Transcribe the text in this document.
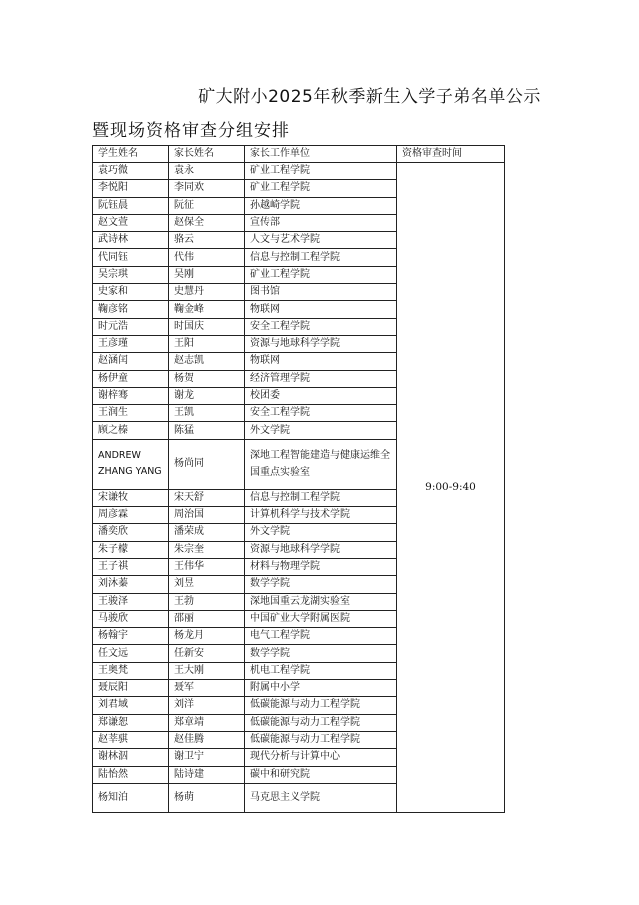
矿大附小2025年秋季新生入学子弟名单公示
暨现场资格审查分组安排
学生姓名	家长姓名	家长工作单位	资格审查时间
袁巧微	袁永	矿业工程学院	9:00-9:40
李悦阳	李同欢	矿业工程学院	
阮钰晨	阮征	孙越崎学院	
赵文萱	赵保全	宣传部	
武诗林	骆云	人文与艺术学院	
代同钰	代伟	信息与控制工程学院	
吴宗琪	吴刚	矿业工程学院	
史家和	史慧丹	图书馆	
鞠彦铭	鞠金峰	物联网	
时元浩	时国庆	安全工程学院	
王彦瑾	王阳	资源与地球科学学院	
赵涵闰	赵志凯	物联网	
杨伊童	杨贺	经济管理学院	
谢梓骞	谢龙	校团委	
王润生	王凯	安全工程学院	
顾之榛	陈猛	外文学院	
ANDREW ZHANG YANG	杨尚同	深地工程智能建造与健康运维全国重点实验室	
宋谦牧	宋天舒	信息与控制工程学院	
周彦霖	周治国	计算机科学与技术学院	
潘奕欣	潘荣成	外文学院	
朱子檬	朱宗奎	资源与地球科学学院	
王子祺	王伟华	材料与物理学院	
刘沐蓁	刘昱	数学学院	
王骏泽	王勃	深地国重云龙湖实验室	
马骏欣	邵丽	中国矿业大学附属医院	
杨翰宇	杨龙月	电气工程学院	
任文远	任新安	数学学院	
王奥梵	王大刚	机电工程学院	
聂辰阳	聂军	附属中小学	
刘君域	刘洋	低碳能源与动力工程学院	
郑谦恕	郑章靖	低碳能源与动力工程学院	
赵莘骐	赵佳腾	低碳能源与动力工程学院	
谢林泅	谢卫宁	现代分析与计算中心	
陆怡然	陆诗建	碳中和研究院	
杨知泊	杨萌	马克思主义学院	
